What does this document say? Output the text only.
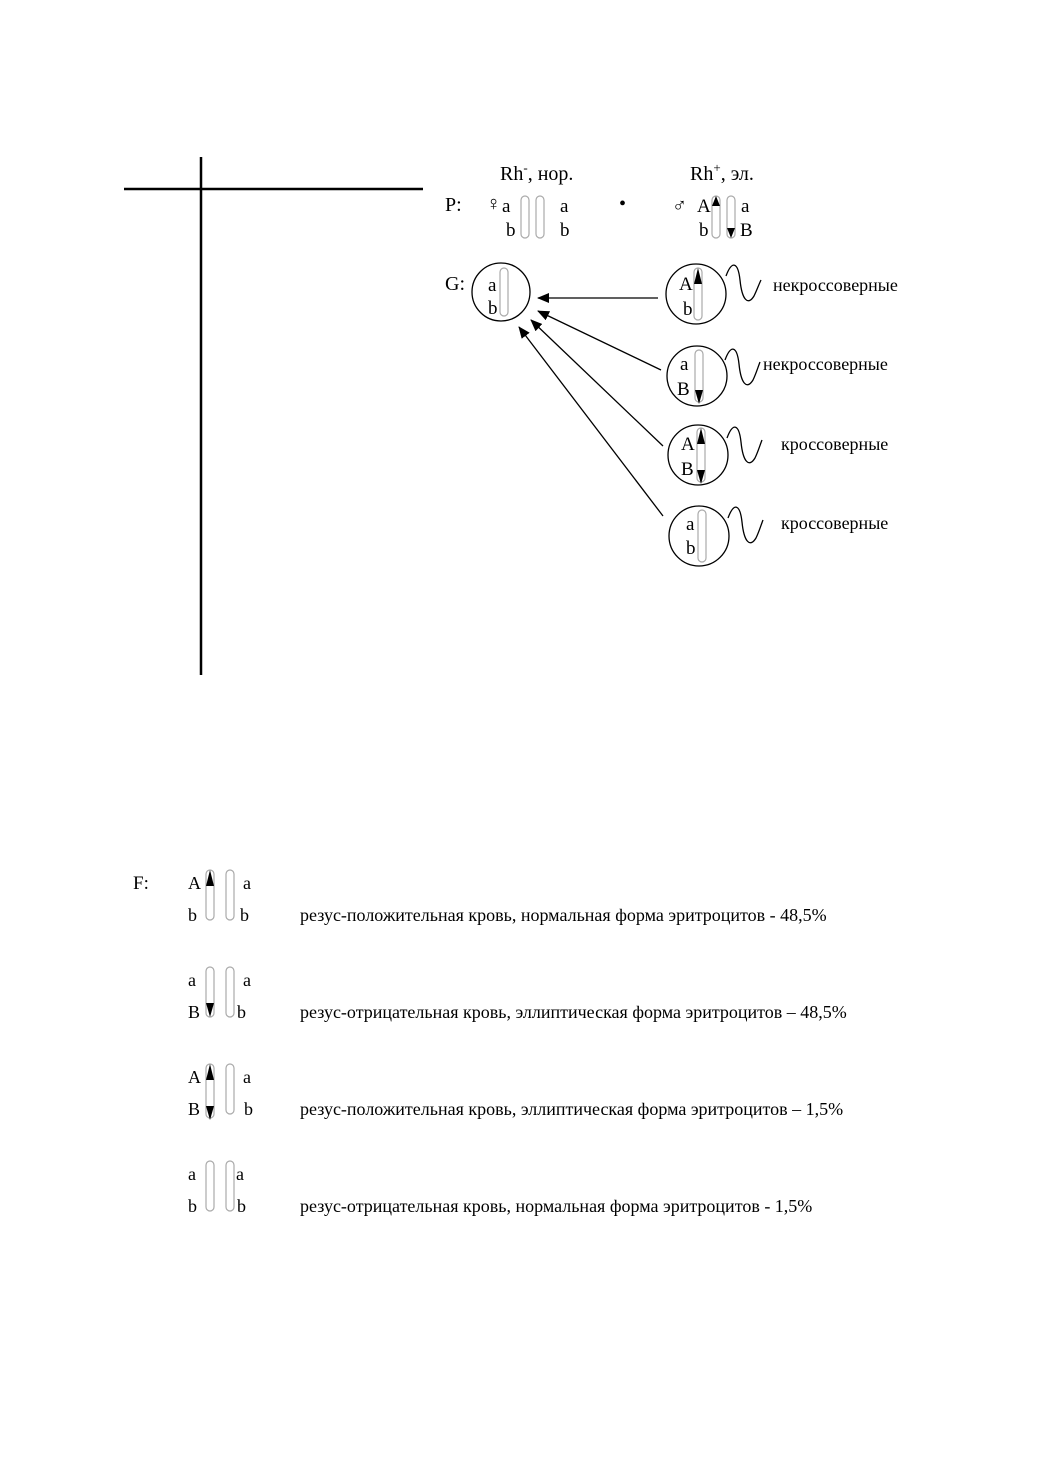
Rh-, нор.	Rh+, эл.
P: ♀ a
b
a
b
• ♂ A
b
a
B
G: a
b
A
b
некроссоверные
a
B
некроссоверные
A
B
кроссоверные
a
b
кроссоверные
F: A
b
a
b	резус-положительная кровь, нормальная форма эритроцитов - 48,5%
a
B
a
b	резус-отрицательная кровь, эллиптическая форма эритроцитов – 48,5%
A
B
a
b	резус-положительная кровь, эллиптическая форма эритроцитов – 1,5%
a
b
a
b	резус-отрицательная кровь, нормальная форма эритроцитов - 1,5%
